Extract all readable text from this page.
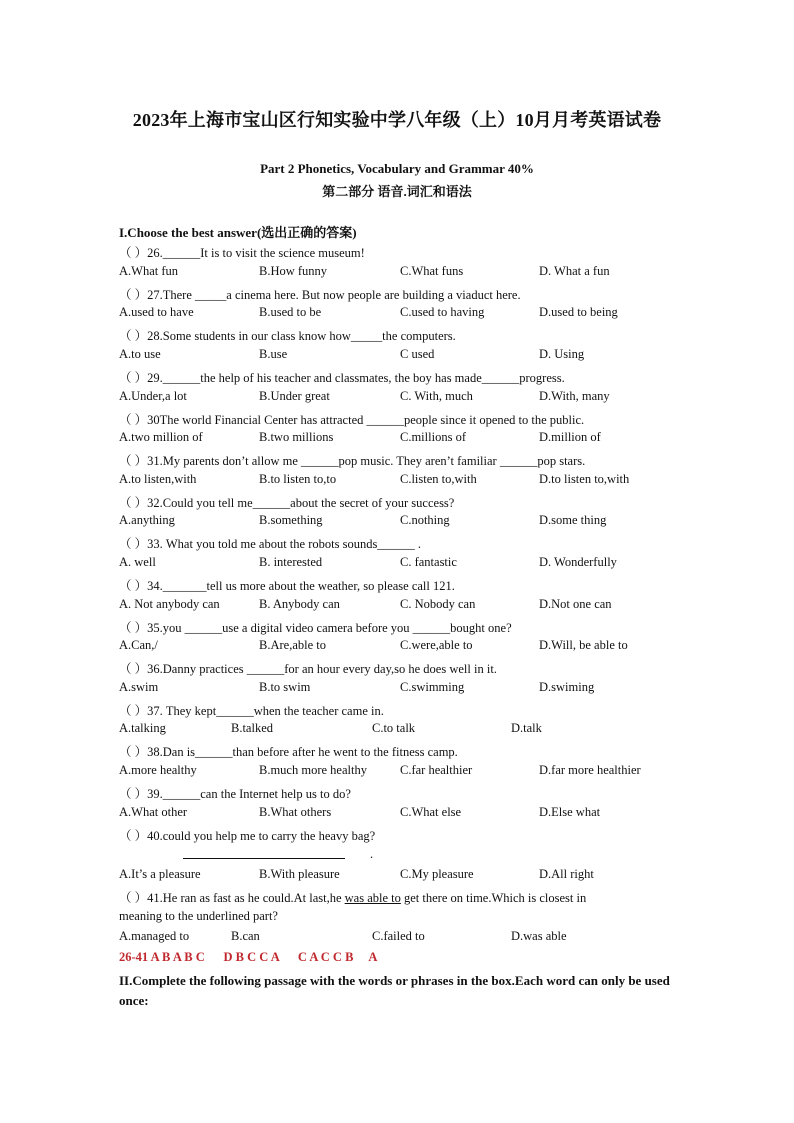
2023年上海市宝山区行知实验中学八年级（上）10月月考英语试卷
Part 2 Phonetics, Vocabulary and Grammar 40%
第二部分 语音.词汇和语法
I.Choose the best answer(选出正确的答案)
（ ）26.______It is to visit the science museum!
A.What fun	B.How funny	C.What funs	D. What a fun
（ ）27.There _____a cinema here. But now people are building a viaduct here.
A.used to have	B.used to be	C.used to having	D.used to being
（ ）28.Some students in our class know how_____the computers.
A.to use	B.use	C used	D. Using
（ ）29.______the help of his teacher and classmates, the boy has made______progress.
A.Under,a lot	B.Under great	C. With, much	D.With, many
（ ）30The world Financial Center has attracted ______people since it opened to the public.
A.two million of	B.two millions	C.millions of	D.million of
（ ）31.My parents don’t allow me ______pop music. They aren’t familiar ______pop stars.
A.to listen,with	B.to listen to,to	C.listen to,with	D.to listen to,with
（ ）32.Could you tell me______about the secret of your success?
A.anything	B.something	C.nothing	D.some thing
（ ）33. What you told me about the robots sounds______ .
A. well	B. interested	C. fantastic	D. Wonderfully
（ ）34._______tell us more about the weather, so please call 121.
A. Not anybody can	B. Anybody can	C. Nobody can	D.Not one can
（ ）35.you ______use a digital video camera before you ______bought one?
A.Can,/	B.Are,able to	C.were,able to	D.Will, be able to
（ ）36.Danny practices ______for an hour every day,so he does well in it.
A.swim	B.to swim	C.swimming	D.swiming
（ ）37. They kept______when the teacher came in.
A.talking	B.talked	C.to talk	D.talk
（ ）38.Dan is______than before after he went to the fitness camp.
A.more healthy	B.much more healthy	C.far healthier	D.far more healthier
（ ）39.______can the Internet help us to do?
A.What other	B.What others	C.What else	D.Else what
（ ）40.could you help me to carry the heavy bag?
.
A.It’s a pleasure	B.With pleasure	C.My pleasure	D.All right
（ ）41.He ran as fast as he could.At last,he was able to get there on time.Which is closest in
meaning to the underlined part?
A.managed to	B.can	C.failed to	D.was able
26-41 A B A B C      D B C C A      C A C C B     A
II.Complete the following passage with the words or phrases in the box.Each word can only be used once:
